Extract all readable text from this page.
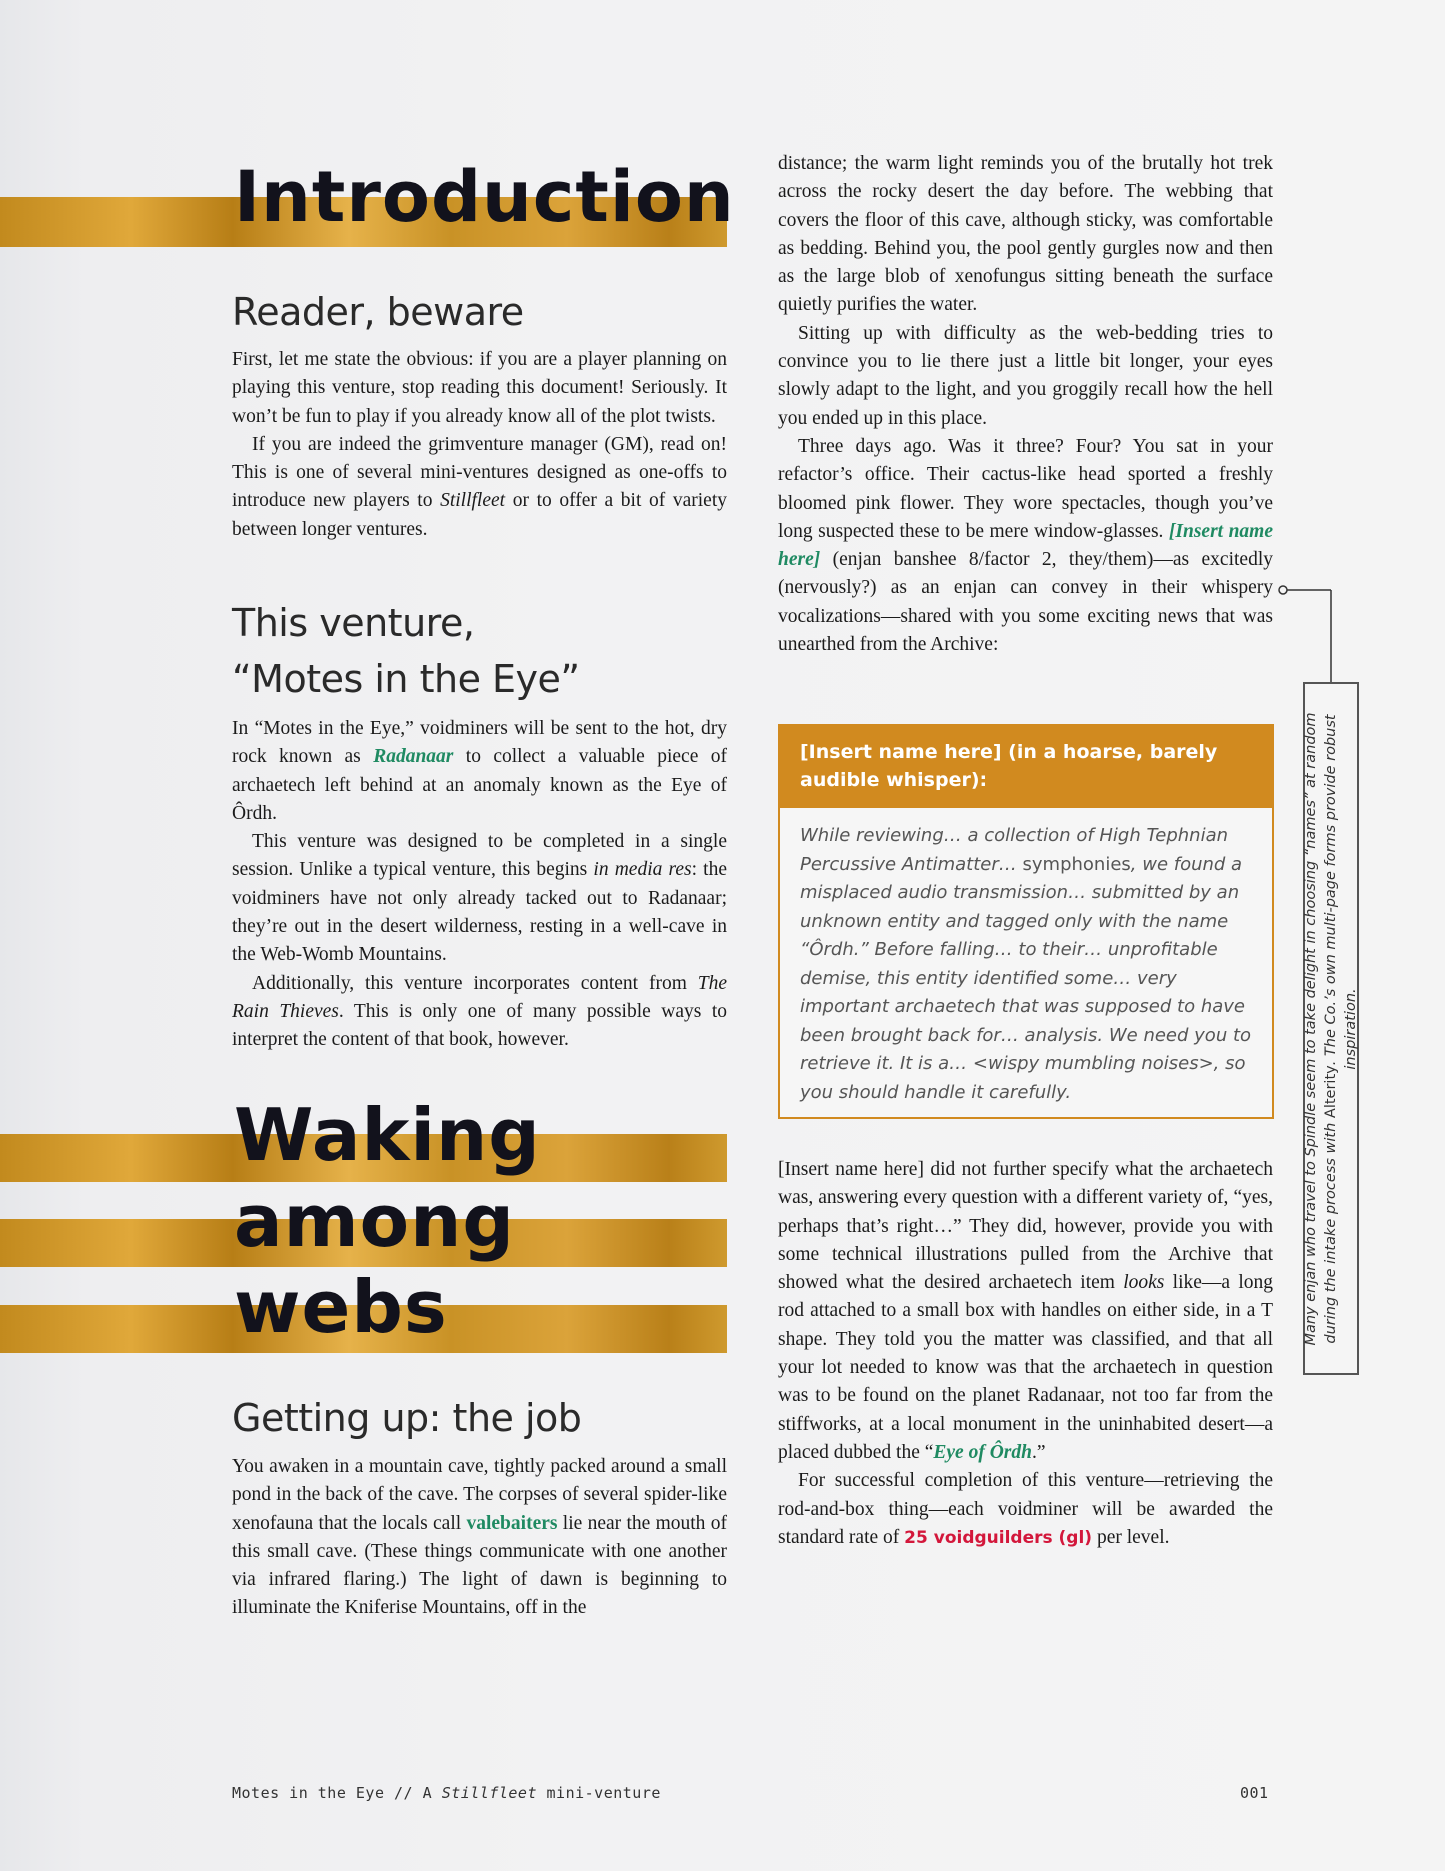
Introduction
Reader, beware
This venture,
“Motes in the Eye”
Waking
among
webs
Getting up: the job

First, let me state the obvious: if you are a player planning on playing this venture, stop reading this document! Seriously. It won’t be fun to play if you already know all of the plot twists.

If you are indeed the grimventure manager (GM), read on! This is one of several mini-ventures designed as one-offs to introduce new players to Stillfleet or to offer a bit of variety between longer ventures.

In “Motes in the Eye,” voidminers will be sent to the hot, dry rock known as Radanaar to collect a valuable piece of archaetech left behind at an anomaly known as the Eye of Ôrdh.

This venture was designed to be completed in a single session. Unlike a typical venture, this begins in media res: the voidminers have not only already tacked out to Radanaar; they’re out in the desert wilderness, resting in a well-cave in the Web-Womb Mountains.

Additionally, this venture incorporates content from The Rain Thieves. This is only one of many possible ways to interpret the content of that book, however.

You awaken in a mountain cave, tightly packed around a small pond in the back of the cave. The corpses of several spider-like xenofauna that the locals call valebaiters lie near the mouth of this small cave. (These things communicate with one another via infrared flaring.) The light of dawn is beginning to illuminate the Kniferise Mountains, off in the

distance; the warm light reminds you of the brutally hot trek across the rocky desert the day before. The webbing that covers the floor of this cave, although sticky, was comfortable as bedding. Behind you, the pool gently gurgles now and then as the large blob of xenofungus sitting beneath the surface quietly purifies the water.

Sitting up with difficulty as the web-bedding tries to convince you to lie there just a little bit longer, your eyes slowly adapt to the light, and you groggily recall how the hell you ended up in this place.

Three days ago. Was it three? Four? You sat in your refactor’s office. Their cactus-like head sported a freshly bloomed pink flower. They wore spectacles, though you’ve long suspected these to be mere window-glasses. [Insert name here] (enjan banshee 8/factor 2, they/them)—as excitedly (nervously?) as an enjan can convey in their whispery vocalizations—shared with you some exciting news that was unearthed from the Archive:

[Insert name here] (in a hoarse, barely audible whisper):
While reviewing… a collection of High Tephnian Percussive Antimatter… symphonies, we found a misplaced audio transmission… submitted by an unknown entity and tagged only with the name “Ôrdh.” Before falling… to their… unprofitable demise, this entity identified some… very important archaetech that was supposed to have been brought back for… analysis. We need you to retrieve it. It is a… <wispy mumbling noises>, so you should handle it carefully.

[Insert name here] did not further specify what the archaetech was, answering every question with a different variety of, “yes, perhaps that’s right…” They did, however, provide you with some technical illustrations pulled from the Archive that showed what the desired archaetech item looks like—a long rod attached to a small box with handles on either side, in a T shape. They told you the matter was classified, and that all your lot needed to know was that the archaetech in question was to be found on the planet Radanaar, not too far from the stiffworks, at a local monument in the uninhabited desert—a placed dubbed the “Eye of Ôrdh.”

For successful completion of this venture—retrieving the rod-and-box thing—each voidminer will be awarded the standard rate of 25 voidguilders (gl) per level.

Many enjan who travel to Spindle seem to take delight in choosing “names” at random during the intake process with Alterity. The Co.’s own multi-page forms provide robust inspiration.
Motes in the Eye // A Stillfleet mini-venture	001
